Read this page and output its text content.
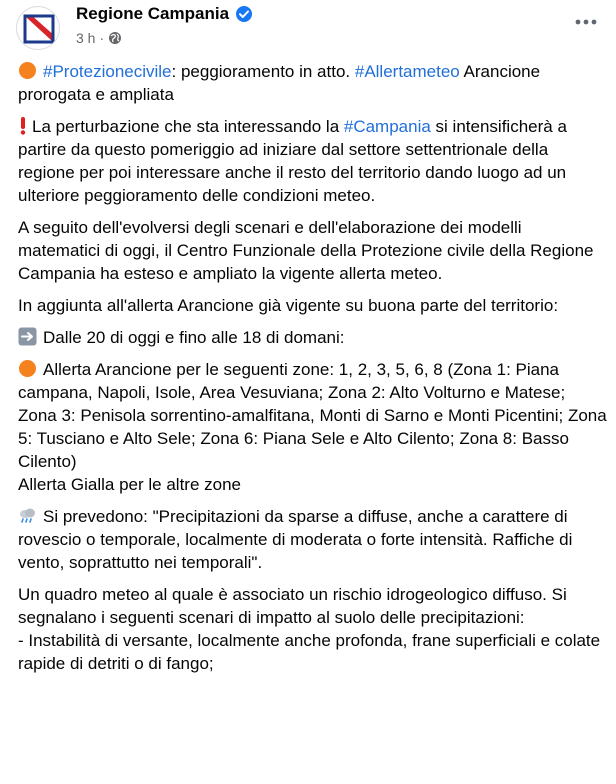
Regione Campania
3 h ·

#Protezionecivile: peggioramento in atto. #Allertameteo Arancione prorogata e ampliata

La perturbazione che sta interessando la #Campania si intensificherà a partire da questo pomeriggio ad iniziare dal settore settentrionale della regione per poi interessare anche il resto del territorio dando luogo ad un ulteriore peggioramento delle condizioni meteo.

A seguito dell'evolversi degli scenari e dell'elaborazione dei modelli matematici di oggi, il Centro Funzionale della Protezione civile della Regione Campania ha esteso e ampliato la vigente allerta meteo.

In aggiunta all'allerta Arancione già vigente su buona parte del territorio:

Dalle 20 di oggi e fino alle 18 di domani:

Allerta Arancione per le seguenti zone: 1, 2, 3, 5, 6, 8 (Zona 1: Piana campana, Napoli, Isole, Area Vesuviana; Zona 2: Alto Volturno e Matese; Zona 3: Penisola sorrentino-amalfitana, Monti di Sarno e Monti Picentini; Zona 5: Tusciano e Alto Sele; Zona 6: Piana Sele e Alto Cilento; Zona 8: Basso Cilento)
Allerta Gialla per le altre zone

Si prevedono: "Precipitazioni da sparse a diffuse, anche a carattere di rovescio o temporale, localmente di moderata o forte intensità. Raffiche di vento, soprattutto nei temporali".

Un quadro meteo al quale è associato un rischio idrogeologico diffuso. Si segnalano i seguenti scenari di impatto al suolo delle precipitazioni:
- Instabilità di versante, localmente anche profonda, frane superficiali e colate rapide di detriti o di fango;
